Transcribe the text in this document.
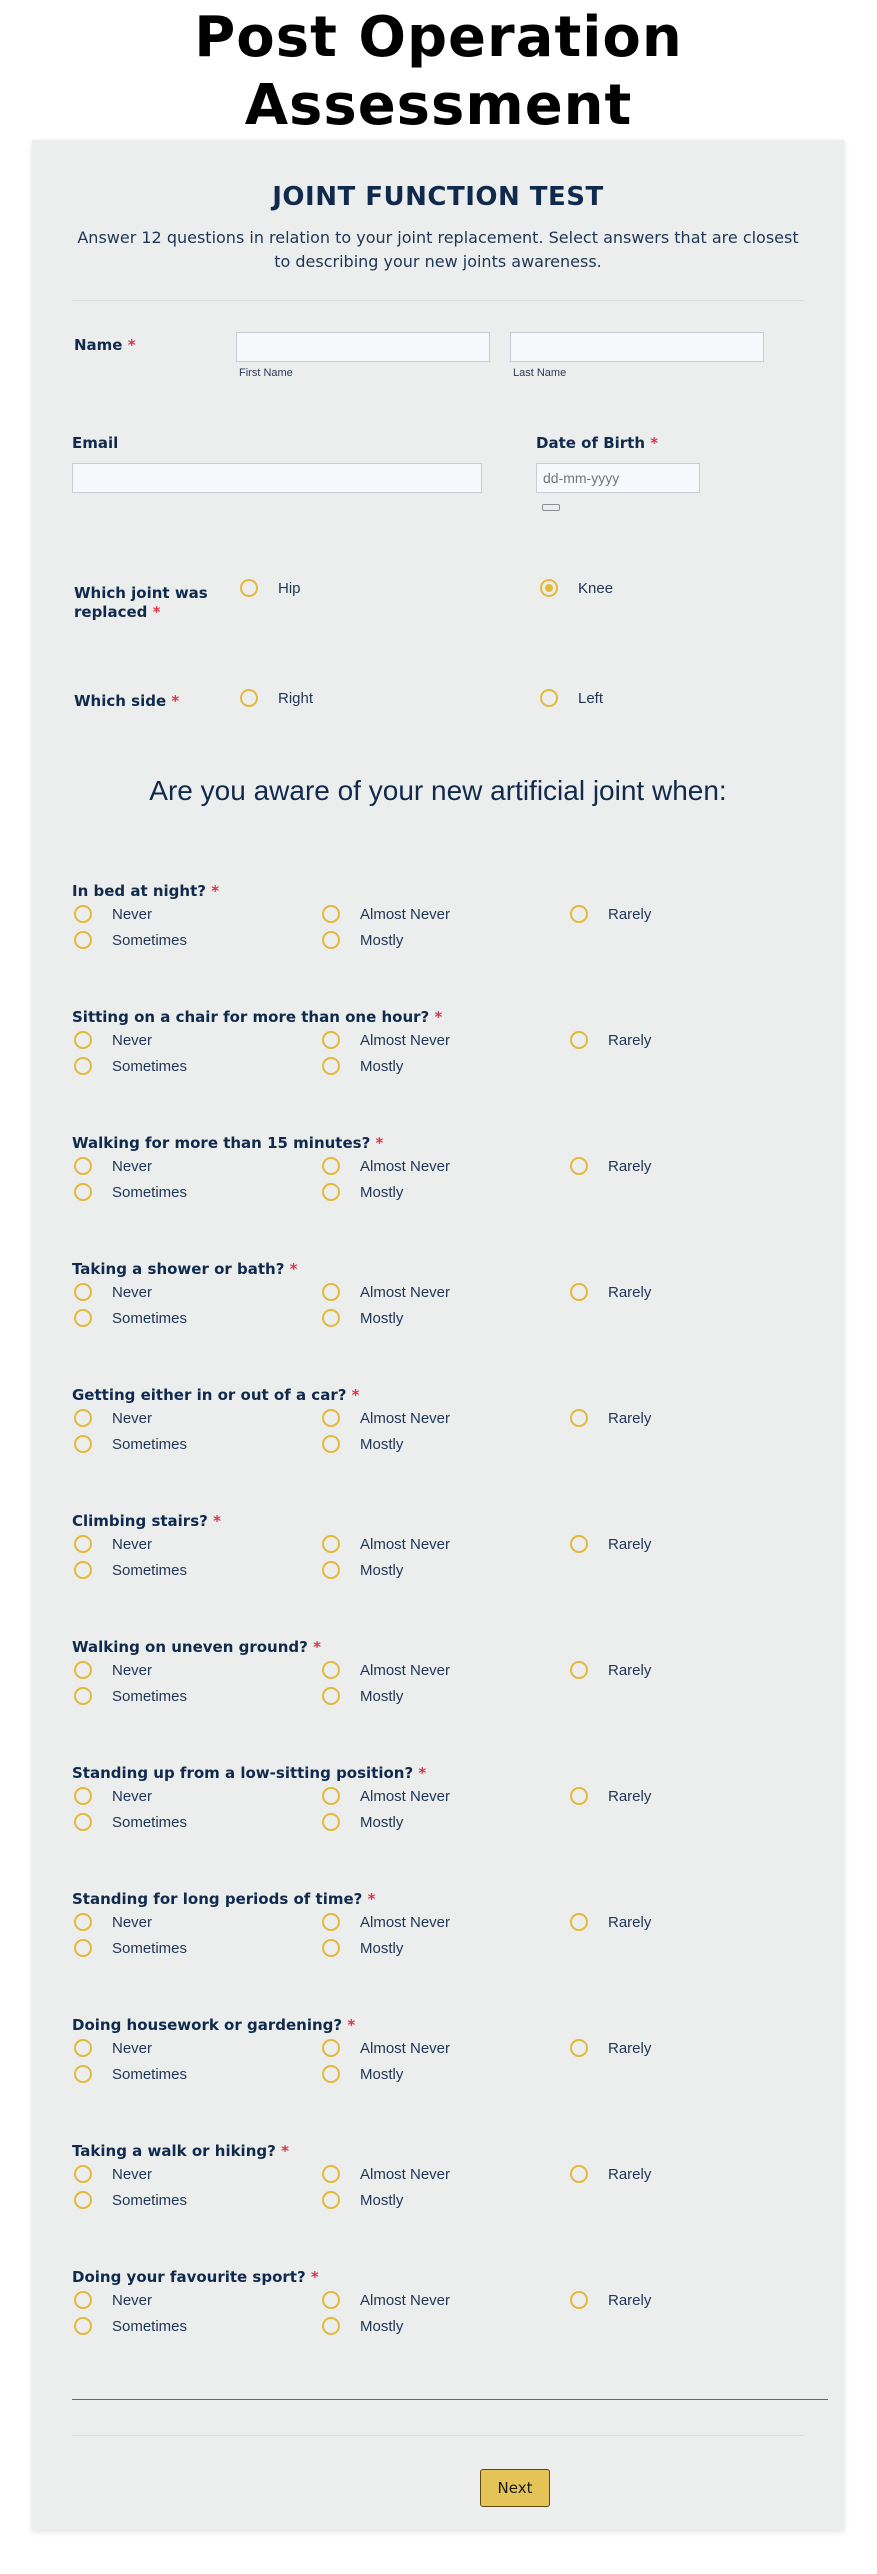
Post Operation Assessment
JOINT FUNCTION TEST
Answer 12 questions in relation to your joint replacement. Select answers that are closest to describing your new joints awareness.
Name *
First Name	Last Name
Email	Date of Birth *
dd-mm-yyyy
Which joint was replaced *
Hip	Knee
Which side *	Right	Left
Are you aware of your new artificial joint when:
In bed at night? *
Never	Almost Never	Rarely
Sometimes	Mostly
Sitting on a chair for more than one hour? *
Never	Almost Never	Rarely
Sometimes	Mostly
Walking for more than 15 minutes? *
Never	Almost Never	Rarely
Sometimes	Mostly
Taking a shower or bath? *
Never	Almost Never	Rarely
Sometimes	Mostly
Getting either in or out of a car? *
Never	Almost Never	Rarely
Sometimes	Mostly
Climbing stairs? *
Never	Almost Never	Rarely
Sometimes	Mostly
Walking on uneven ground? *
Never	Almost Never	Rarely
Sometimes	Mostly
Standing up from a low-sitting position? *
Never	Almost Never	Rarely
Sometimes	Mostly
Standing for long periods of time? *
Never	Almost Never	Rarely
Sometimes	Mostly
Doing housework or gardening? *
Never	Almost Never	Rarely
Sometimes	Mostly
Taking a walk or hiking? *
Never	Almost Never	Rarely
Sometimes	Mostly
Doing your favourite sport? *
Never	Almost Never	Rarely
Sometimes	Mostly
Next
